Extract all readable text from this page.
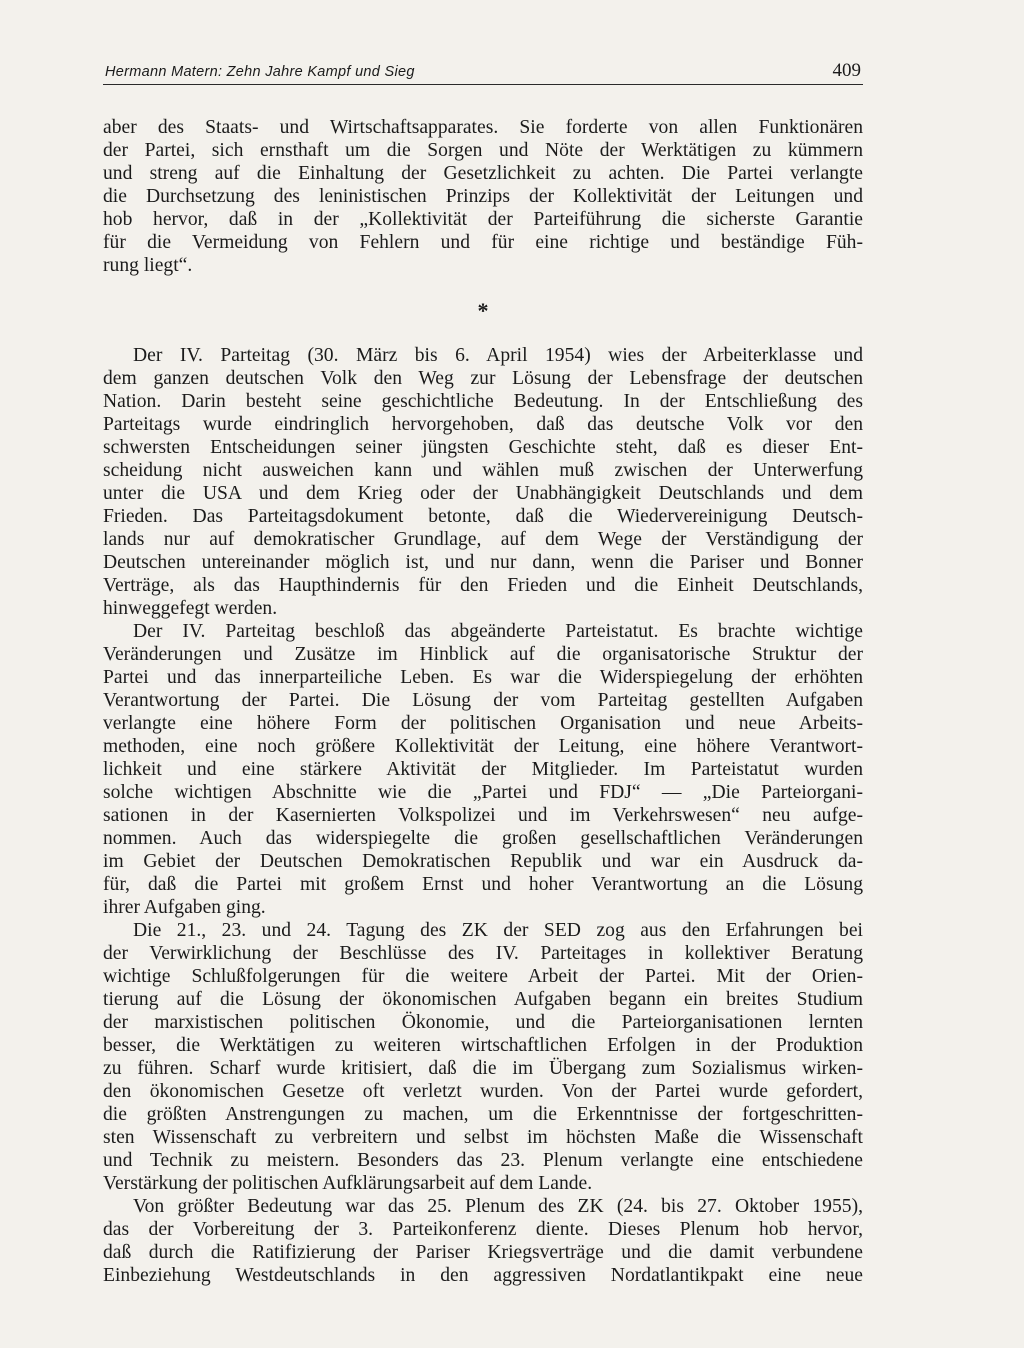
Hermann Matern: Zehn Jahre Kampf und Sieg	409
aber des Staats- und Wirtschaftsapparates. Sie forderte von allen Funktionären
der Partei, sich ernsthaft um die Sorgen und Nöte der Werktätigen zu kümmern
und streng auf die Einhaltung der Gesetzlichkeit zu achten. Die Partei verlangte
die Durchsetzung des leninistischen Prinzips der Kollektivität der Leitungen und
hob hervor, daß in der „Kollektivität der Parteiführung die sicherste Garantie
für die Vermeidung von Fehlern und für eine richtige und beständige Füh-
rung liegt“.
*
Der IV. Parteitag (30. März bis 6. April 1954) wies der Arbeiterklasse und
dem ganzen deutschen Volk den Weg zur Lösung der Lebensfrage der deutschen
Nation. Darin besteht seine geschichtliche Bedeutung. In der Entschließung des
Parteitags wurde eindringlich hervorgehoben, daß das deutsche Volk vor den
schwersten Entscheidungen seiner jüngsten Geschichte steht, daß es dieser Ent-
scheidung nicht ausweichen kann und wählen muß zwischen der Unterwerfung
unter die USA und dem Krieg oder der Unabhängigkeit Deutschlands und dem
Frieden. Das Parteitagsdokument betonte, daß die Wiedervereinigung Deutsch-
lands nur auf demokratischer Grundlage, auf dem Wege der Verständigung der
Deutschen untereinander möglich ist, und nur dann, wenn die Pariser und Bonner
Verträge, als das Haupthindernis für den Frieden und die Einheit Deutschlands,
hinweggefegt werden.
Der IV. Parteitag beschloß das abgeänderte Parteistatut. Es brachte wichtige
Veränderungen und Zusätze im Hinblick auf die organisatorische Struktur der
Partei und das innerparteiliche Leben. Es war die Widerspiegelung der erhöhten
Verantwortung der Partei. Die Lösung der vom Parteitag gestellten Aufgaben
verlangte eine höhere Form der politischen Organisation und neue Arbeits-
methoden, eine noch größere Kollektivität der Leitung, eine höhere Verantwort-
lichkeit und eine stärkere Aktivität der Mitglieder. Im Parteistatut wurden
solche wichtigen Abschnitte wie die „Partei und FDJ“ — „Die Parteiorgani-
sationen in der Kasernierten Volkspolizei und im Verkehrswesen“ neu aufge-
nommen. Auch das widerspiegelte die großen gesellschaftlichen Veränderungen
im Gebiet der Deutschen Demokratischen Republik und war ein Ausdruck da-
für, daß die Partei mit großem Ernst und hoher Verantwortung an die Lösung
ihrer Aufgaben ging.
Die 21., 23. und 24. Tagung des ZK der SED zog aus den Erfahrungen bei
der Verwirklichung der Beschlüsse des IV. Parteitages in kollektiver Beratung
wichtige Schlußfolgerungen für die weitere Arbeit der Partei. Mit der Orien-
tierung auf die Lösung der ökonomischen Aufgaben begann ein breites Studium
der marxistischen politischen Ökonomie, und die Parteiorganisationen lernten
besser, die Werktätigen zu weiteren wirtschaftlichen Erfolgen in der Produktion
zu führen. Scharf wurde kritisiert, daß die im Übergang zum Sozialismus wirken-
den ökonomischen Gesetze oft verletzt wurden. Von der Partei wurde gefordert,
die größten Anstrengungen zu machen, um die Erkenntnisse der fortgeschritten-
sten Wissenschaft zu verbreitern und selbst im höchsten Maße die Wissenschaft
und Technik zu meistern. Besonders das 23. Plenum verlangte eine entschiedene
Verstärkung der politischen Aufklärungsarbeit auf dem Lande.
Von größter Bedeutung war das 25. Plenum des ZK (24. bis 27. Oktober 1955),
das der Vorbereitung der 3. Parteikonferenz diente. Dieses Plenum hob hervor,
daß durch die Ratifizierung der Pariser Kriegsverträge und die damit verbundene
Einbeziehung Westdeutschlands in den aggressiven Nordatlantikpakt eine neue
